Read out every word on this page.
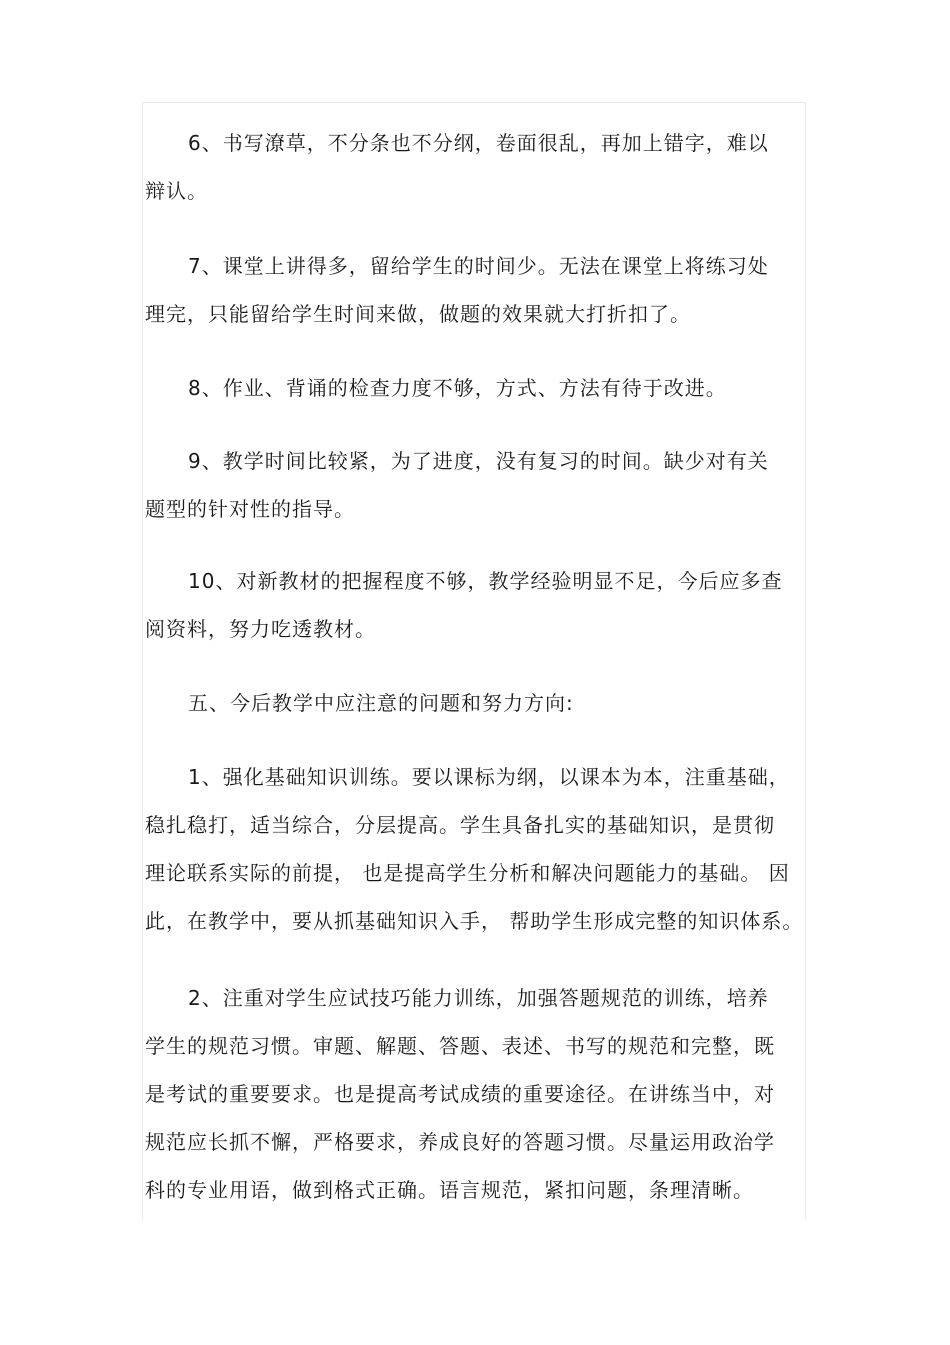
6、书写潦草，不分条也不分纲，卷面很乱，再加上错字，难以
辩认。

7、课堂上讲得多，留给学生的时间少。无法在课堂上将练习处
理完，只能留给学生时间来做，做题的效果就大打折扣了。

8、作业、背诵的检查力度不够，方式、方法有待于改进。

9、教学时间比较紧，为了进度，没有复习的时间。缺少对有关
题型的针对性的指导。

10、对新教材的把握程度不够，教学经验明显不足，今后应多查
阅资料，努力吃透教材。

五、今后教学中应注意的问题和努力方向:

1、强化基础知识训练。要以课标为纲，以课本为本，注重基础，
稳扎稳打，适当综合，分层提高。学生具备扎实的基础知识，是贯彻
理论联系实际的前提， 也是提高学生分析和解决问题能力的基础。 因
此，在教学中，要从抓基础知识入手， 帮助学生形成完整的知识体系。

2、注重对学生应试技巧能力训练，加强答题规范的训练，培养
学生的规范习惯。审题、解题、答题、表述、书写的规范和完整，既
是考试的重要要求。也是提高考试成绩的重要途径。在讲练当中，对
规范应长抓不懈，严格要求，养成良好的答题习惯。尽量运用政治学
科的专业用语，做到格式正确。语言规范，紧扣问题，条理清晰。
